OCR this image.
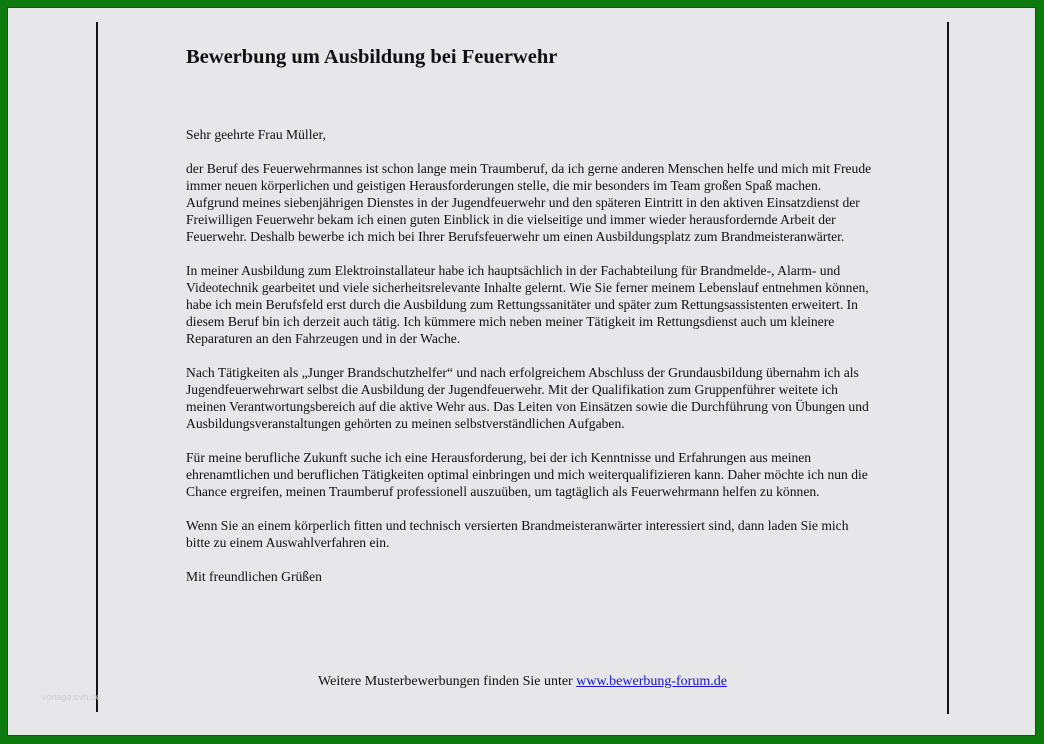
Bewerbung um Ausbildung bei Feuerwehr
Sehr geehrte Frau Müller,
der Beruf des Feuerwehrmannes ist schon lange mein Traumberuf, da ich gerne anderen Menschen helfe und mich mit Freude immer neuen körperlichen und geistigen Herausforderungen stelle, die mir besonders im Team großen Spaß machen. Aufgrund meines siebenjährigen Dienstes in der Jugendfeuerwehr und den späteren Eintritt in den aktiven Einsatzdienst der Freiwilligen Feuerwehr bekam ich einen guten Einblick in die vielseitige und immer wieder herausfordernde Arbeit der Feuerwehr. Deshalb bewerbe ich mich bei Ihrer Berufsfeuerwehr um einen Ausbildungsplatz zum Brandmeisteranwärter.
In meiner Ausbildung zum Elektroinstallateur habe ich hauptsächlich in der Fachabteilung für Brandmelde-, Alarm- und Videotechnik gearbeitet und viele sicherheitsrelevante Inhalte gelernt. Wie Sie ferner meinem Lebenslauf entnehmen können, habe ich mein Berufsfeld erst durch die Ausbildung zum Rettungssanitäter und später zum Rettungsassistenten erweitert. In diesem Beruf bin ich derzeit auch tätig. Ich kümmere mich neben meiner Tätigkeit im Rettungsdienst auch um kleinere Reparaturen an den Fahrzeugen und in der Wache.
Nach Tätigkeiten als „Junger Brandschutzhelfer“ und nach erfolgreichem Abschluss der Grundausbildung übernahm ich als Jugendfeuerwehrwart selbst die Ausbildung der Jugendfeuerwehr. Mit der Qualifikation zum Gruppenführer weitete ich meinen Verantwortungsbereich auf die aktive Wehr aus. Das Leiten von Einsätzen sowie die Durchführung von Übungen und Ausbildungsveranstaltungen gehörten zu meinen selbstverständlichen Aufgaben.
Für meine berufliche Zukunft suche ich eine Herausforderung, bei der ich Kenntnisse und Erfahrungen aus meinen ehrenamtlichen und beruflichen Tätigkeiten optimal einbringen und mich weiterqualifizieren kann. Daher möchte ich nun die Chance ergreifen, meinen Traumberuf professionell auszuüben, um tagtäglich als Feuerwehrmann helfen zu können.
Wenn Sie an einem körperlich fitten und technisch versierten Brandmeisteranwärter interessiert sind, dann laden Sie mich bitte zu einem Auswahlverfahren ein.
Mit freundlichen Grüßen
Weitere Musterbewerbungen finden Sie unter www.bewerbung-forum.de
vorlage.ovh.de
